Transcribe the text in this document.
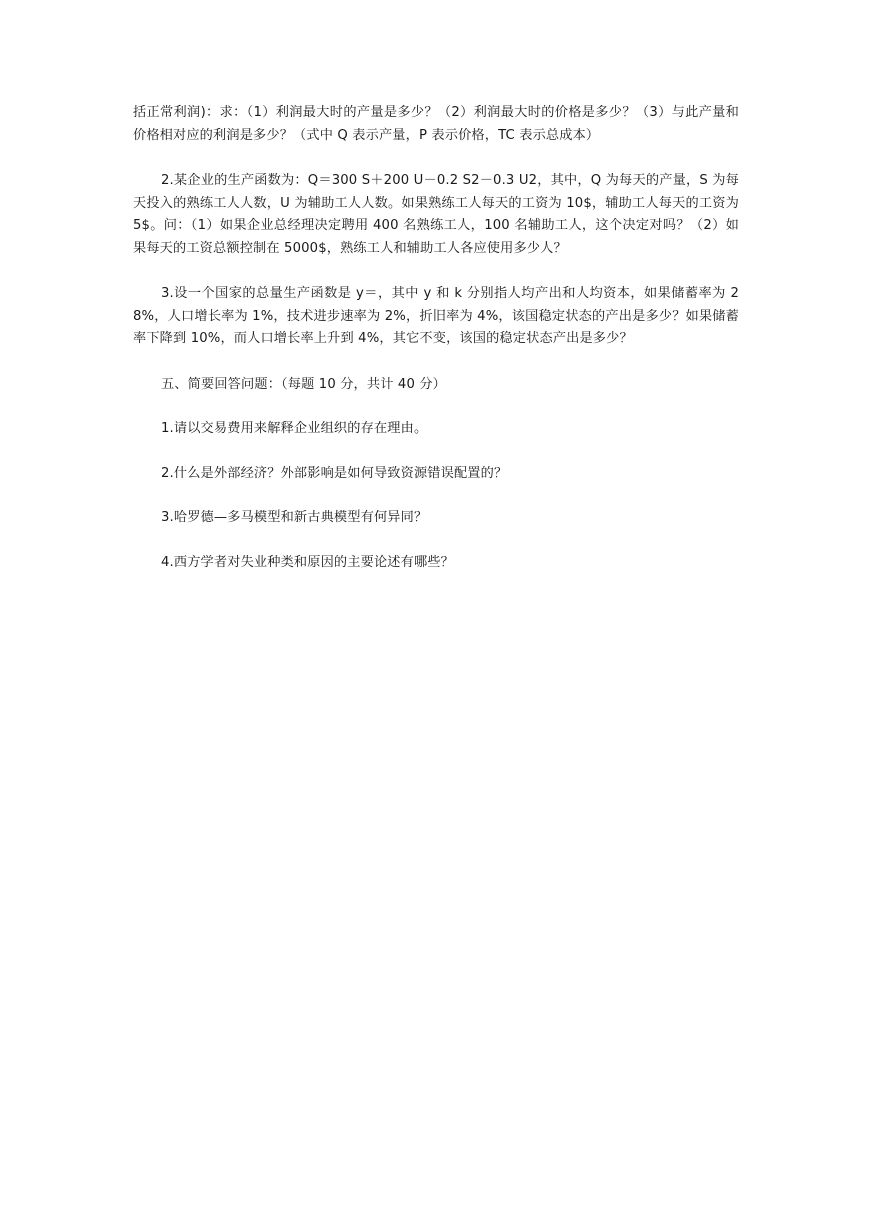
括正常利润)：求：（1）利润最大时的产量是多少？（2）利润最大时的价格是多少？（3）与此产量和价格相对应的利润是多少？（式中 Q 表示产量，P 表示价格，TC 表示总成本）

2.某企业的生产函数为：Q＝300 S＋200 U－0.2 S2－0.3 U2，其中，Q 为每天的产量，S 为每天投入的熟练工人人数，U 为辅助工人人数。如果熟练工人每天的工资为 10$，辅助工人每天的工资为 5$。问：（1）如果企业总经理决定聘用 400 名熟练工人，100 名辅助工人，这个决定对吗？（2）如果每天的工资总额控制在 5000$，熟练工人和辅助工人各应使用多少人？

3.设一个国家的总量生产函数是 y＝，其中 y 和 k 分别指人均产出和人均资本，如果储蓄率为 28%，人口增长率为 1%，技术进步速率为 2%，折旧率为 4%，该国稳定状态的产出是多少？如果储蓄率下降到 10%，而人口增长率上升到 4%，其它不变，该国的稳定状态产出是多少？

五、简要回答问题：（每题 10 分，共计 40 分）

1.请以交易费用来解释企业组织的存在理由。

2.什么是外部经济？外部影响是如何导致资源错误配置的？

3.哈罗德—多马模型和新古典模型有何异同？

4.西方学者对失业种类和原因的主要论述有哪些？
